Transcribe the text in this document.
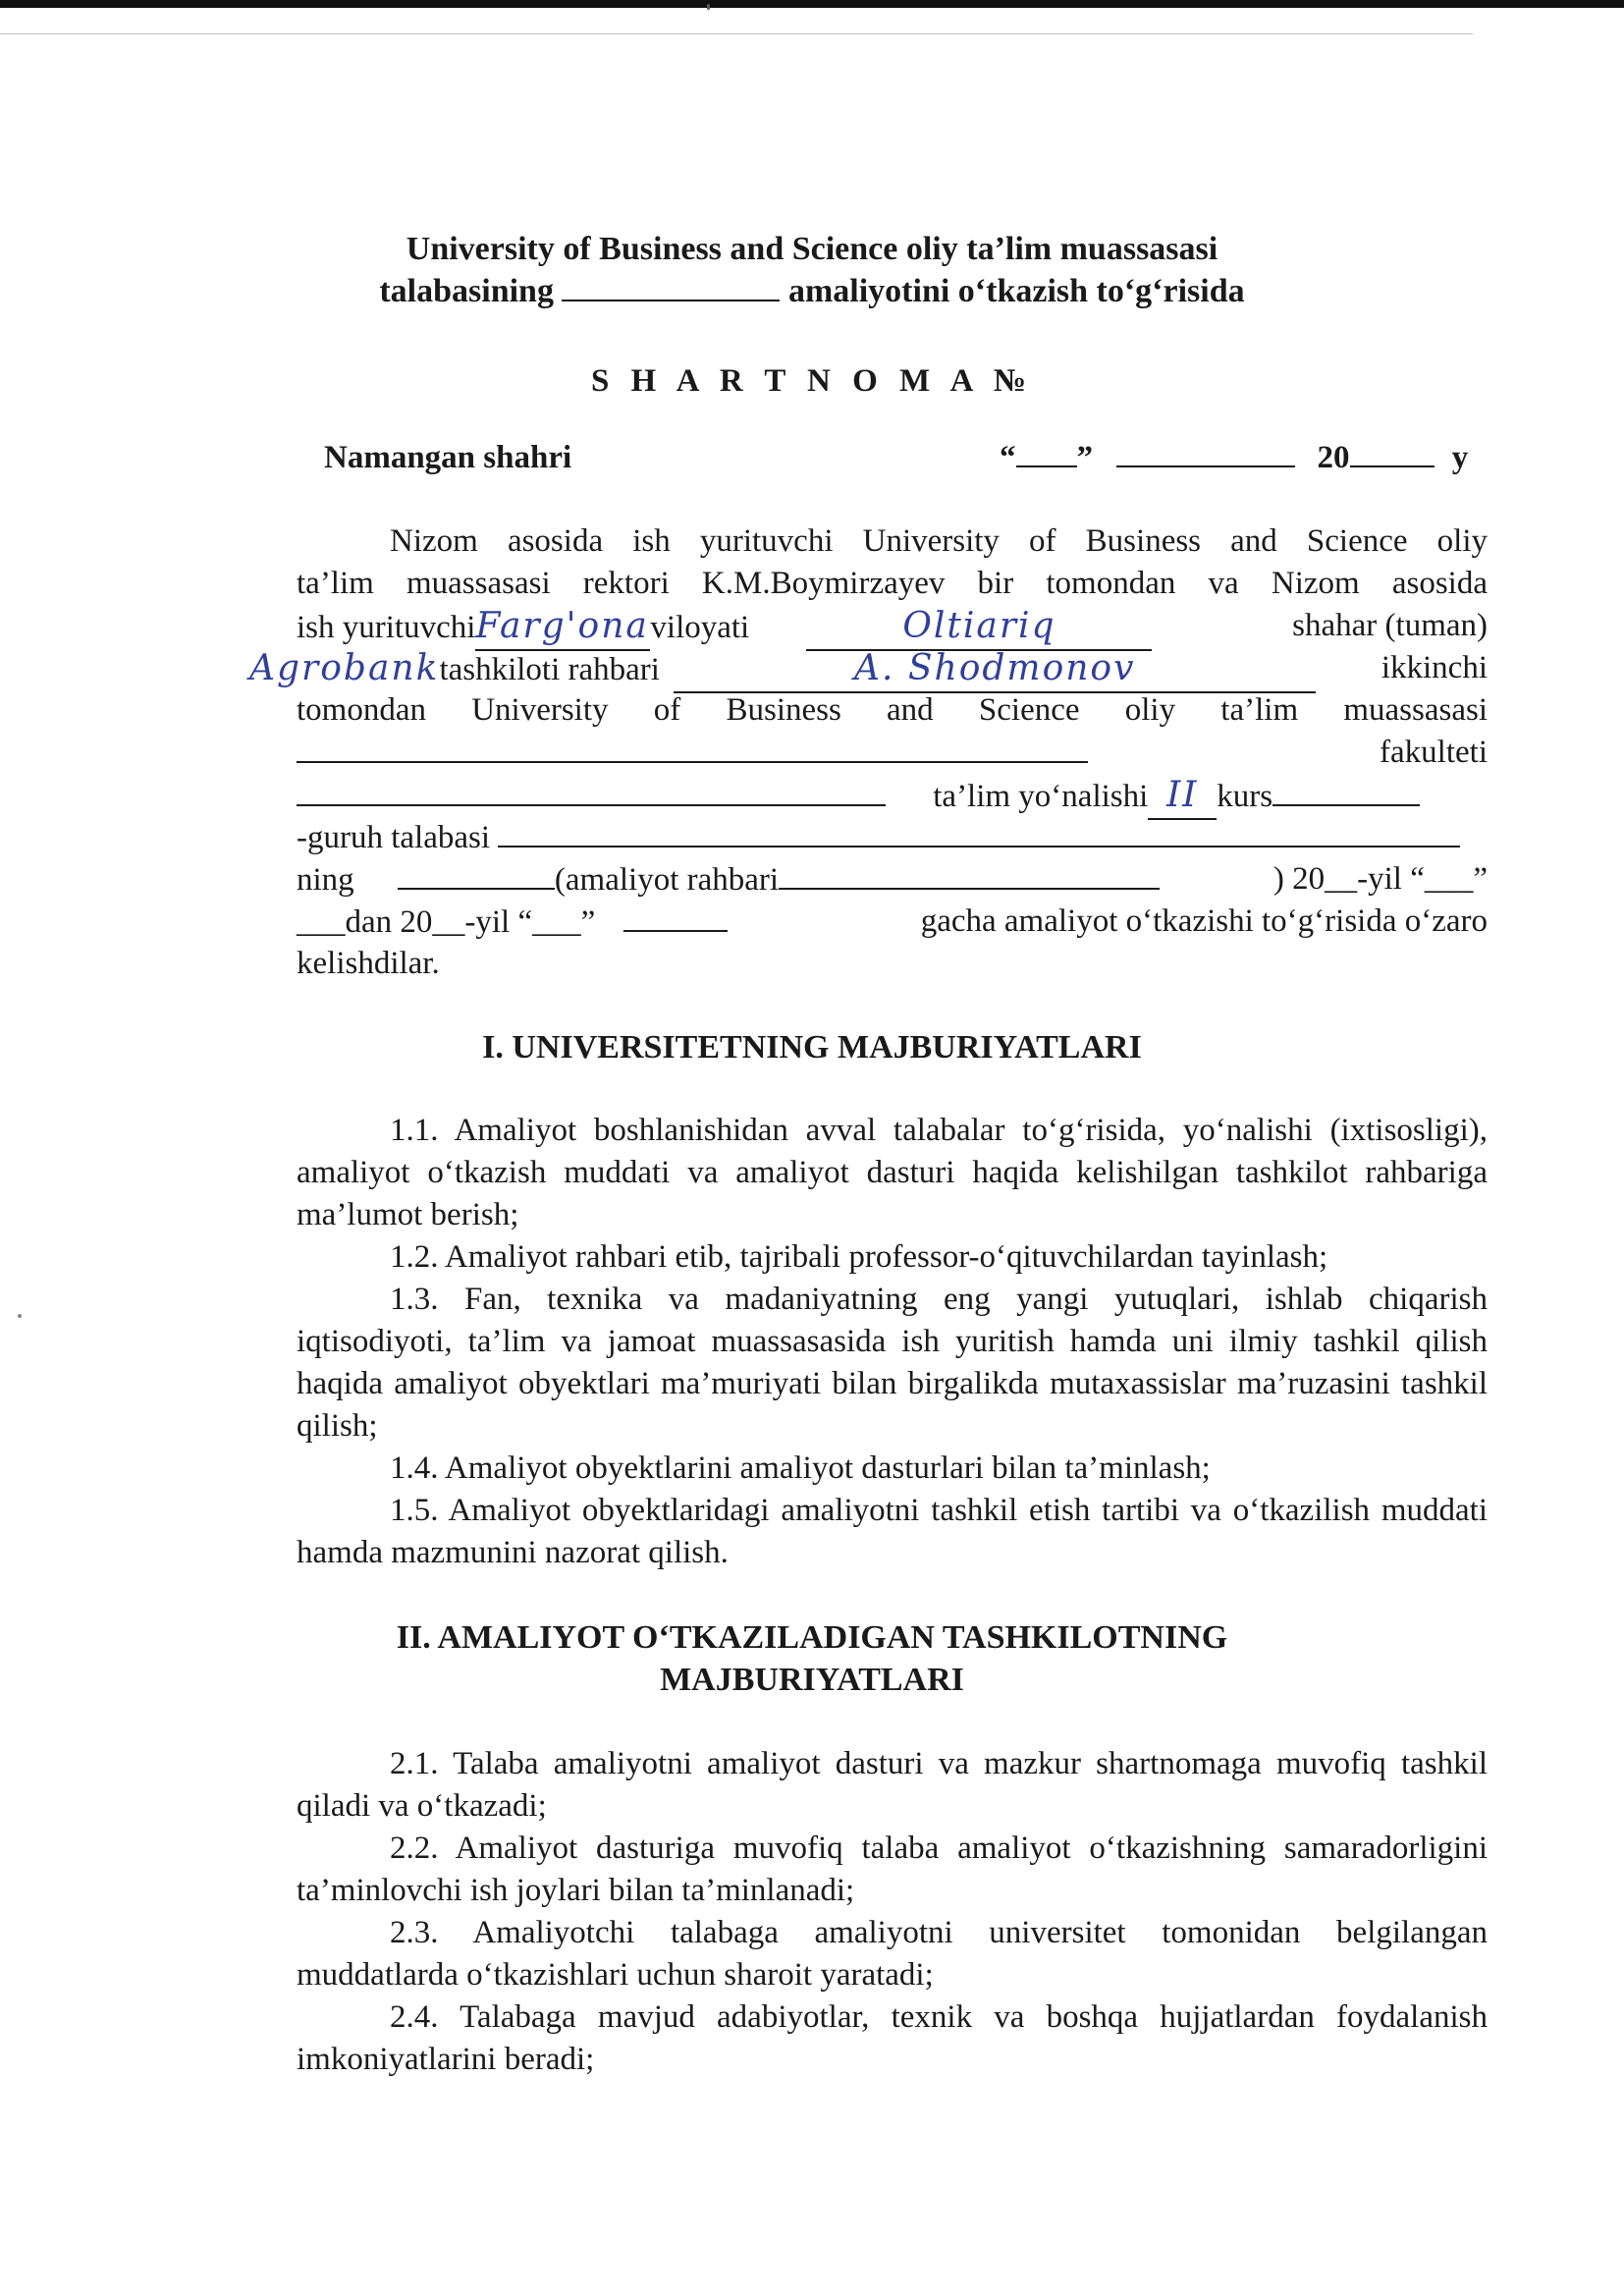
University of Business and Science oliy ta’lim muassasasi
talabasining	amaliyotini o‘tkazish to‘g‘risida
S H A R T N O M A №
Namangan shahri	“ ”	20	y
Nizom asosida ish yurituvchi University of Business and Science oliy
ta’lim muassasasi rektori K.M.Boymirzayev bir tomondan va Nizom asosida
ish yurituvchiFarg'onaviloyati	Oltiariq	shahar (tuman)
Agrobanktashkiloti rahbari	A. Shodmonov	ikkinchi
tomondan University of Business and Science oliy ta’lim muassasasi
fakulteti
ta’lim yo‘nalishi II kurs
-guruh talabasi
ning	(amaliyot rahbari	) 20__-yil “___”
___dan 20__-yil “___”	gacha amaliyot o‘tkazishi to‘g‘risida o‘zaro
kelishdilar.
I. UNIVERSITETNING MAJBURIYATLARI
1.1. Amaliyot boshlanishidan avval talabalar to‘g‘risida, yo‘nalishi (ixtisosligi), amaliyot o‘tkazish muddati va amaliyot dasturi haqida kelishilgan tashkilot rahbariga ma’lumot berish;
1.2. Amaliyot rahbari etib, tajribali professor-o‘qituvchilardan tayinlash;
1.3. Fan, texnika va madaniyatning eng yangi yutuqlari, ishlab chiqarish iqtisodiyoti, ta’lim va jamoat muassasasida ish yuritish hamda uni ilmiy tashkil qilish haqida amaliyot obyektlari ma’muriyati bilan birgalikda mutaxassislar ma’ruzasini tashkil qilish;
1.4. Amaliyot obyektlarini amaliyot dasturlari bilan ta’minlash;
1.5. Amaliyot obyektlaridagi amaliyotni tashkil etish tartibi va o‘tkazilish muddati hamda mazmunini nazorat qilish.
II. AMALIYOT O‘TKAZILADIGAN TASHKILOTNING
MAJBURIYATLARI
2.1. Talaba amaliyotni amaliyot dasturi va mazkur shartnomaga muvofiq tashkil qiladi va o‘tkazadi;
2.2. Amaliyot dasturiga muvofiq talaba amaliyot o‘tkazishning samaradorligini ta’minlovchi ish joylari bilan ta’minlanadi;
2.3. Amaliyotchi talabaga amaliyotni universitet tomonidan belgilangan muddatlarda o‘tkazishlari uchun sharoit yaratadi;
2.4. Talabaga mavjud adabiyotlar, texnik va boshqa hujjatlardan foydalanish imkoniyatlarini beradi;
